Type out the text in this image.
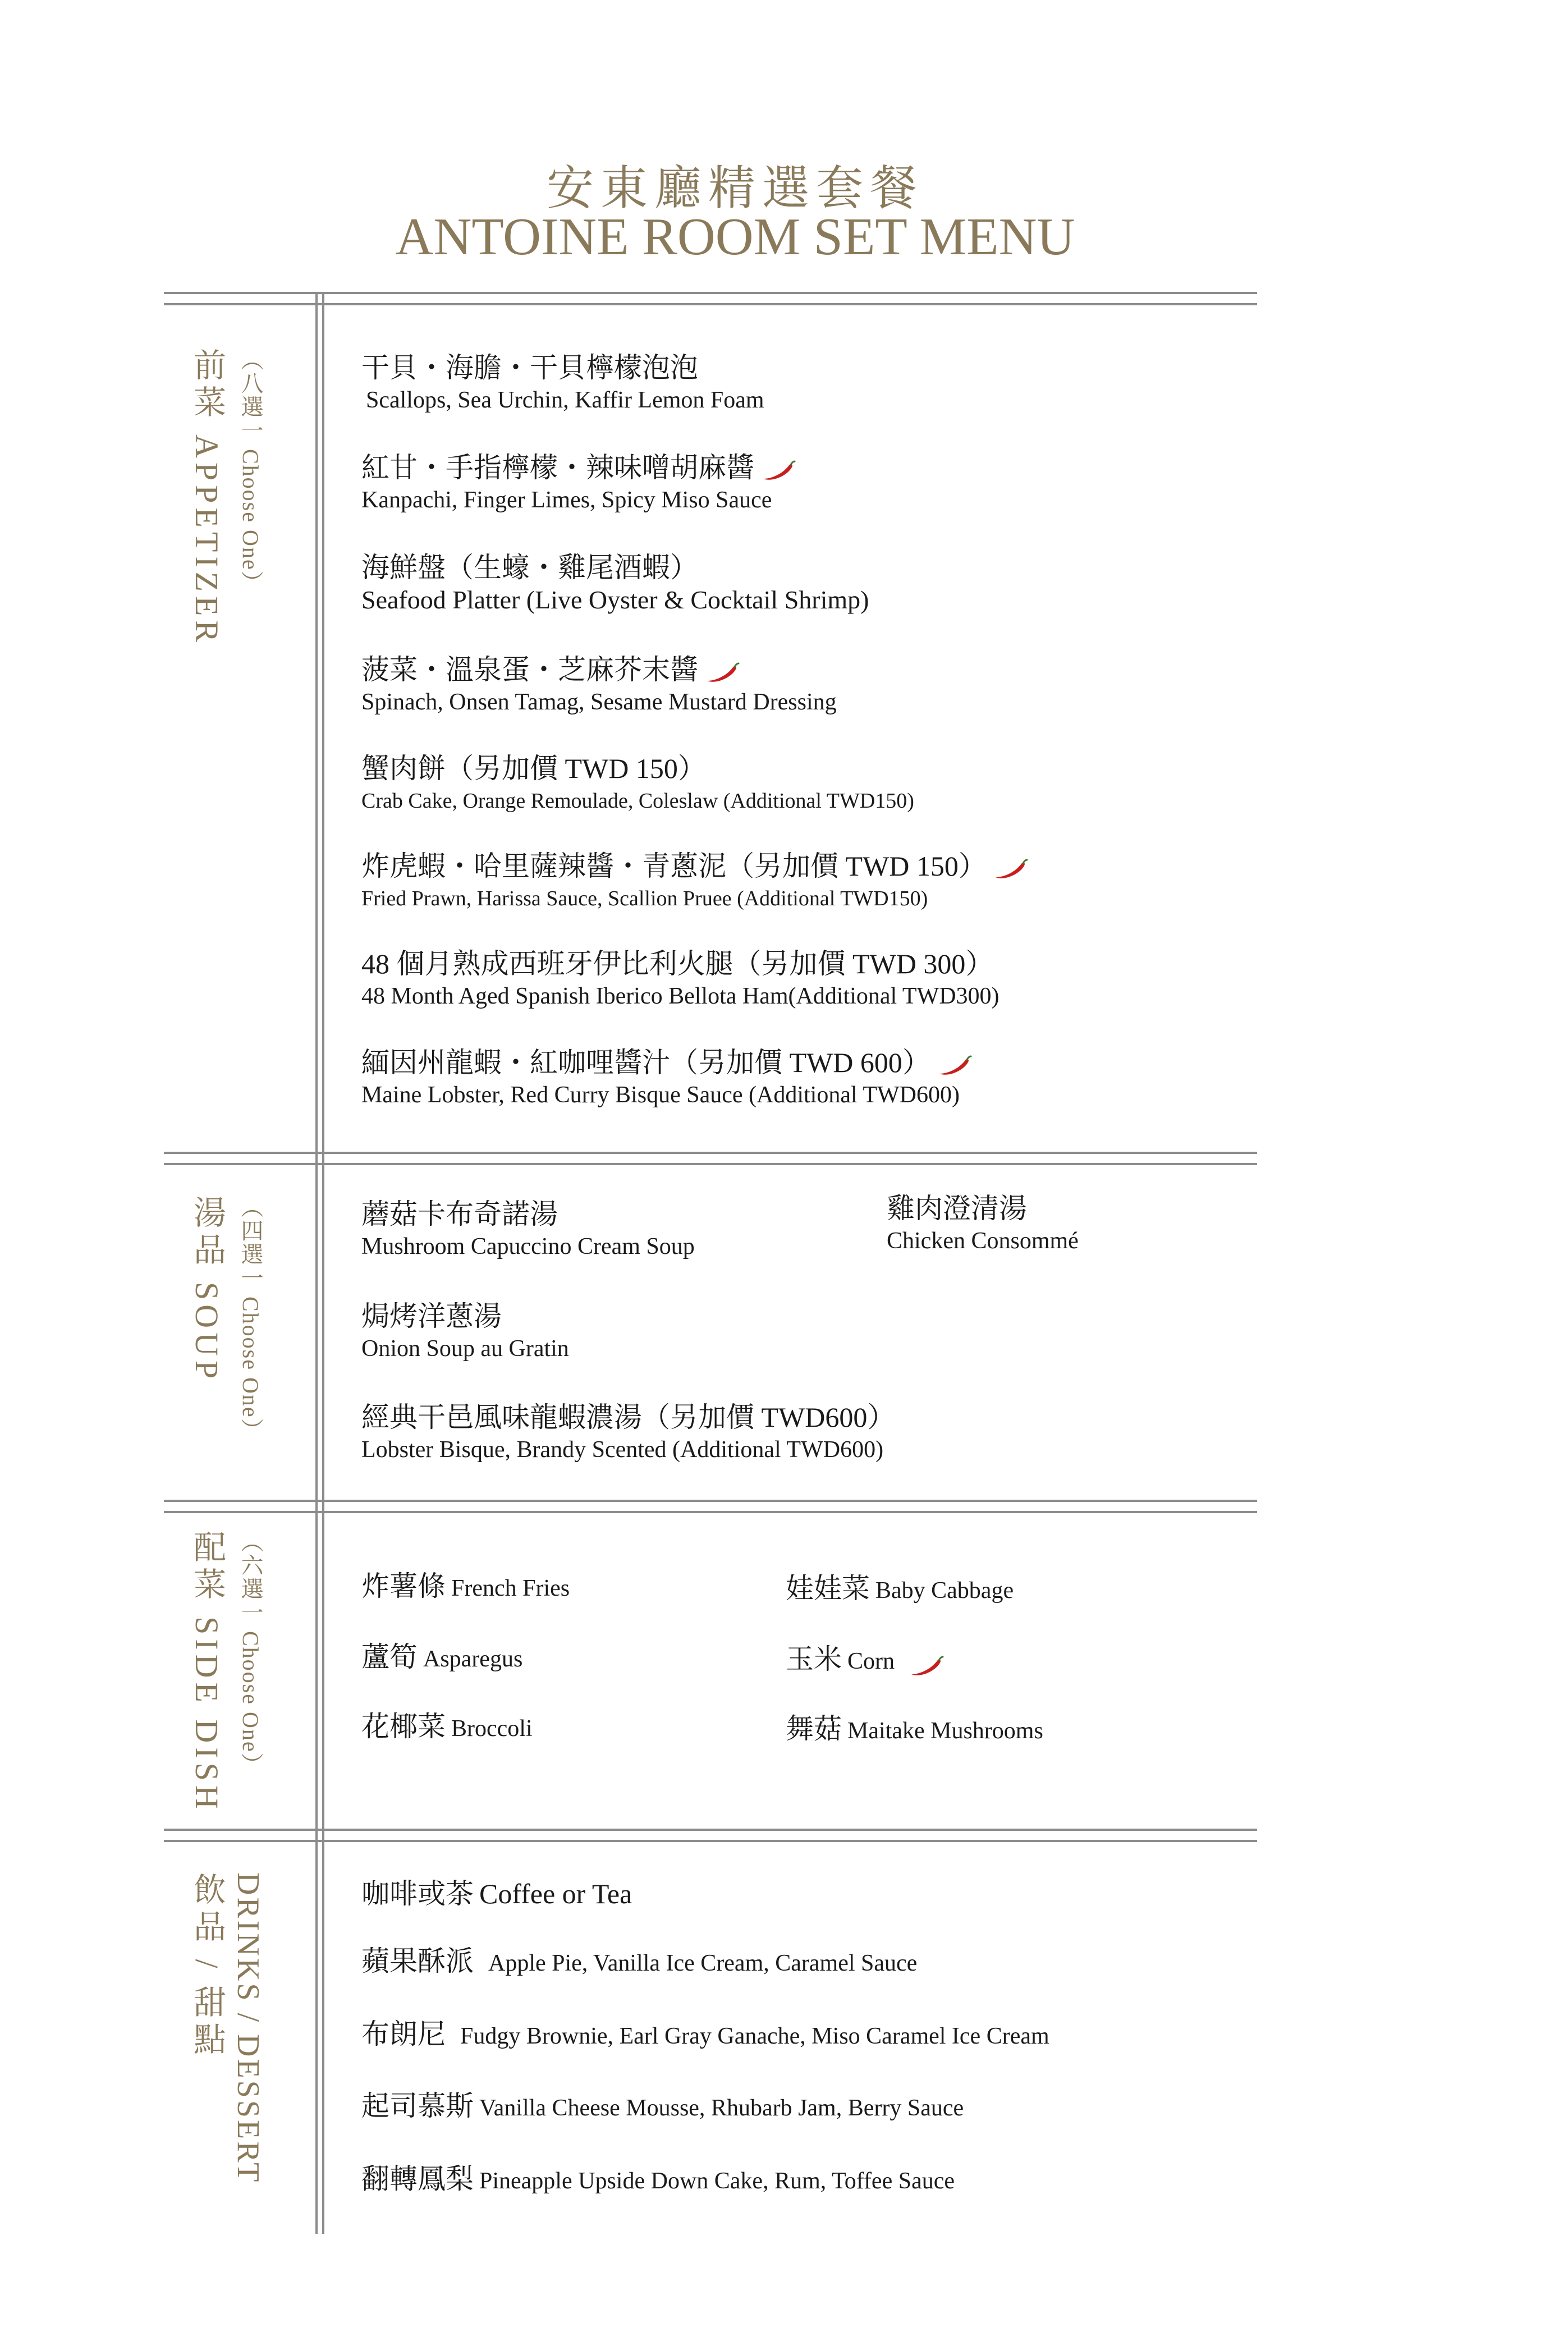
安東廳精選套餐
ANTOINE ROOM SET MENU
前菜 APPETIZER （八選一 Choose One）	干貝・海膽・干貝檸檬泡泡
Scallops, Sea Urchin, Kaffir Lemon Foam
紅甘・手指檸檬・辣味噌胡麻醬
Kanpachi, Finger Limes, Spicy Miso Sauce
海鮮盤（生蠔・雞尾酒蝦）
Seafood Platter (Live Oyster & Cocktail Shrimp)
菠菜・溫泉蛋・芝麻芥末醬
Spinach, Onsen Tamag, Sesame Mustard Dressing
蟹肉餅（另加價 TWD 150）
Crab Cake, Orange Remoulade, Coleslaw (Additional TWD150)
炸虎蝦・哈里薩辣醬・青蔥泥（另加價 TWD 150）
Fried Prawn, Harissa Sauce, Scallion Pruee (Additional TWD150)
48 個月熟成西班牙伊比利火腿（另加價 TWD 300）
48 Month Aged Spanish Iberico Bellota Ham(Additional TWD300)
緬因州龍蝦・紅咖哩醬汁（另加價 TWD 600）
Maine Lobster, Red Curry Bisque Sauce (Additional TWD600)
湯品 SOUP （四選一 Choose One）	蘑菇卡布奇諾湯
Mushroom Capuccino Cream Soup
雞肉澄清湯
Chicken Consommé
焗烤洋蔥湯
Onion Soup au Gratin
經典干邑風味龍蝦濃湯（另加價 TWD600）
Lobster Bisque, Brandy Scented (Additional TWD600)
配菜 SIDE DISH （六選一 Choose One）	炸薯條 French Fries	娃娃菜 Baby Cabbage
蘆筍 Asparegus	玉米 Corn
花椰菜 Broccoli	舞菇 Maitake Mushrooms
飲品 / 甜點 DRINKS / DESSERT	咖啡或茶 Coffee or Tea
蘋果酥派 Apple Pie, Vanilla Ice Cream, Caramel Sauce
布朗尼 Fudgy Brownie, Earl Gray Ganache, Miso Caramel Ice Cream
起司慕斯 Vanilla Cheese Mousse, Rhubarb Jam, Berry Sauce
翻轉鳳梨 Pineapple Upside Down Cake, Rum, Toffee Sauce
